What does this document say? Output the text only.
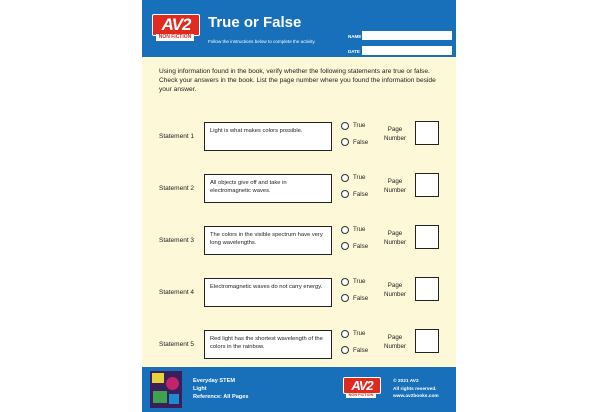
AV2
NON FICTION
True or False
Follow the instructions below to complete the activity.
NAME
DATE
Using information found in the book, verify whether the following statements are true or false. Check your answers in the book. List the page number where you found the information beside your answer.
Statement 1
Light is what makes colors possible.
True
False
Page Number
Statement 2
All objects give off and take in electromagnetic waves.
True
False
Page Number
Statement 3
The colors in the visible spectrum have very long wavelengths.
True
False
Page Number
Statement 4
Electromagnetic waves do not carry energy.
True
False
Page Number
Statement 5
Red light has the shortest wavelength of the colors in the rainbow.
True
False
Page Number
Everyday STEM
Light
Reference: All Pages
AV2
NON FICTION
© 2021 AV2
All rights reserved.
www.av2books.com
